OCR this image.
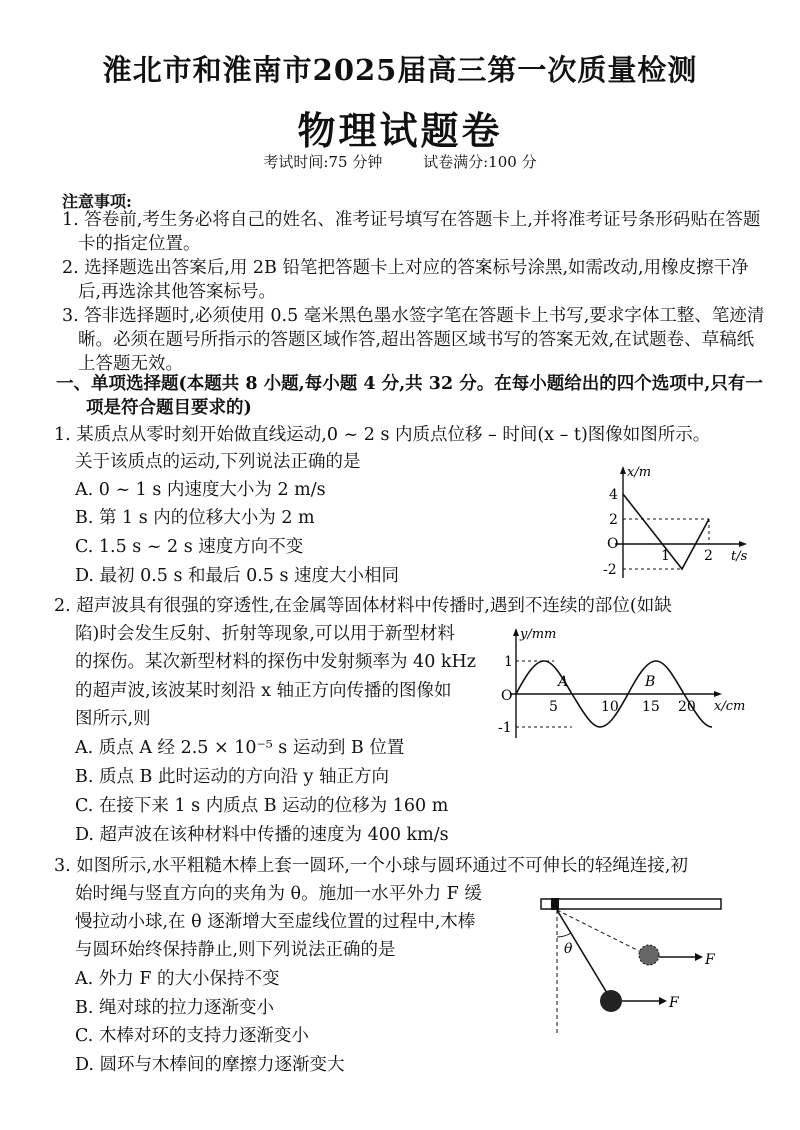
淮北市和淮南市2025届高三第一次质量检测
物理试题卷
考试时间:75 分钟	试卷满分:100 分
注意事项:
1. 答卷前,考生务必将自己的姓名、准考证号填写在答题卡上,并将准考证号条形码贴在答题
卡的指定位置。
2. 选择题选出答案后,用 2B 铅笔把答题卡上对应的答案标号涂黑,如需改动,用橡皮擦干净
后,再选涂其他答案标号。
3. 答非选择题时,必须使用 0.5 毫米黑色墨水签字笔在答题卡上书写,要求字体工整、笔迹清
晰。必须在题号所指示的答题区域作答,超出答题区域书写的答案无效,在试题卷、草稿纸
上答题无效。
一、单项选择题(本题共 8 小题,每小题 4 分,共 32 分。在每小题给出的四个选项中,只有一
项是符合题目要求的)
1. 某质点从零时刻开始做直线运动,0 ~ 2 s 内质点位移 – 时间(x – t)图像如图所示。
关于该质点的运动,下列说法正确的是
A. 0 ~ 1 s 内速度大小为 2 m/s
B. 第 1 s 内的位移大小为 2 m
C. 1.5 s ~ 2 s 速度方向不变
D. 最初 0.5 s 和最后 0.5 s 速度大小相同
x/m
t/s
O
4
2
-2
1 2
2. 超声波具有很强的穿透性,在金属等固体材料中传播时,遇到不连续的部位(如缺
陷)时会发生反射、折射等现象,可以用于新型材料
的探伤。某次新型材料的探伤中发射频率为 40 kHz
的超声波,该波某时刻沿 x 轴正方向传播的图像如
图所示,则
A. 质点 A 经 2.5 × 10⁻⁵ s 运动到 B 位置
B. 质点 B 此时运动的方向沿 y 轴正方向
C. 在接下来 1 s 内质点 B 运动的位移为 160 m
D. 超声波在该种材料中传播的速度为 400 km/s
y/mm
x/cm
O
1
-1
5	10 15 20
A	B
3. 如图所示,水平粗糙木棒上套一圆环,一个小球与圆环通过不可伸长的轻绳连接,初
始时绳与竖直方向的夹角为 θ。施加一水平外力 F 缓
慢拉动小球,在 θ 逐渐增大至虚线位置的过程中,木棒
与圆环始终保持静止,则下列说法正确的是
A. 外力 F 的大小保持不变
B. 绳对球的拉力逐渐变小
C. 木棒对环的支持力逐渐变小
D. 圆环与木棒间的摩擦力逐渐变大
θ
F
F
